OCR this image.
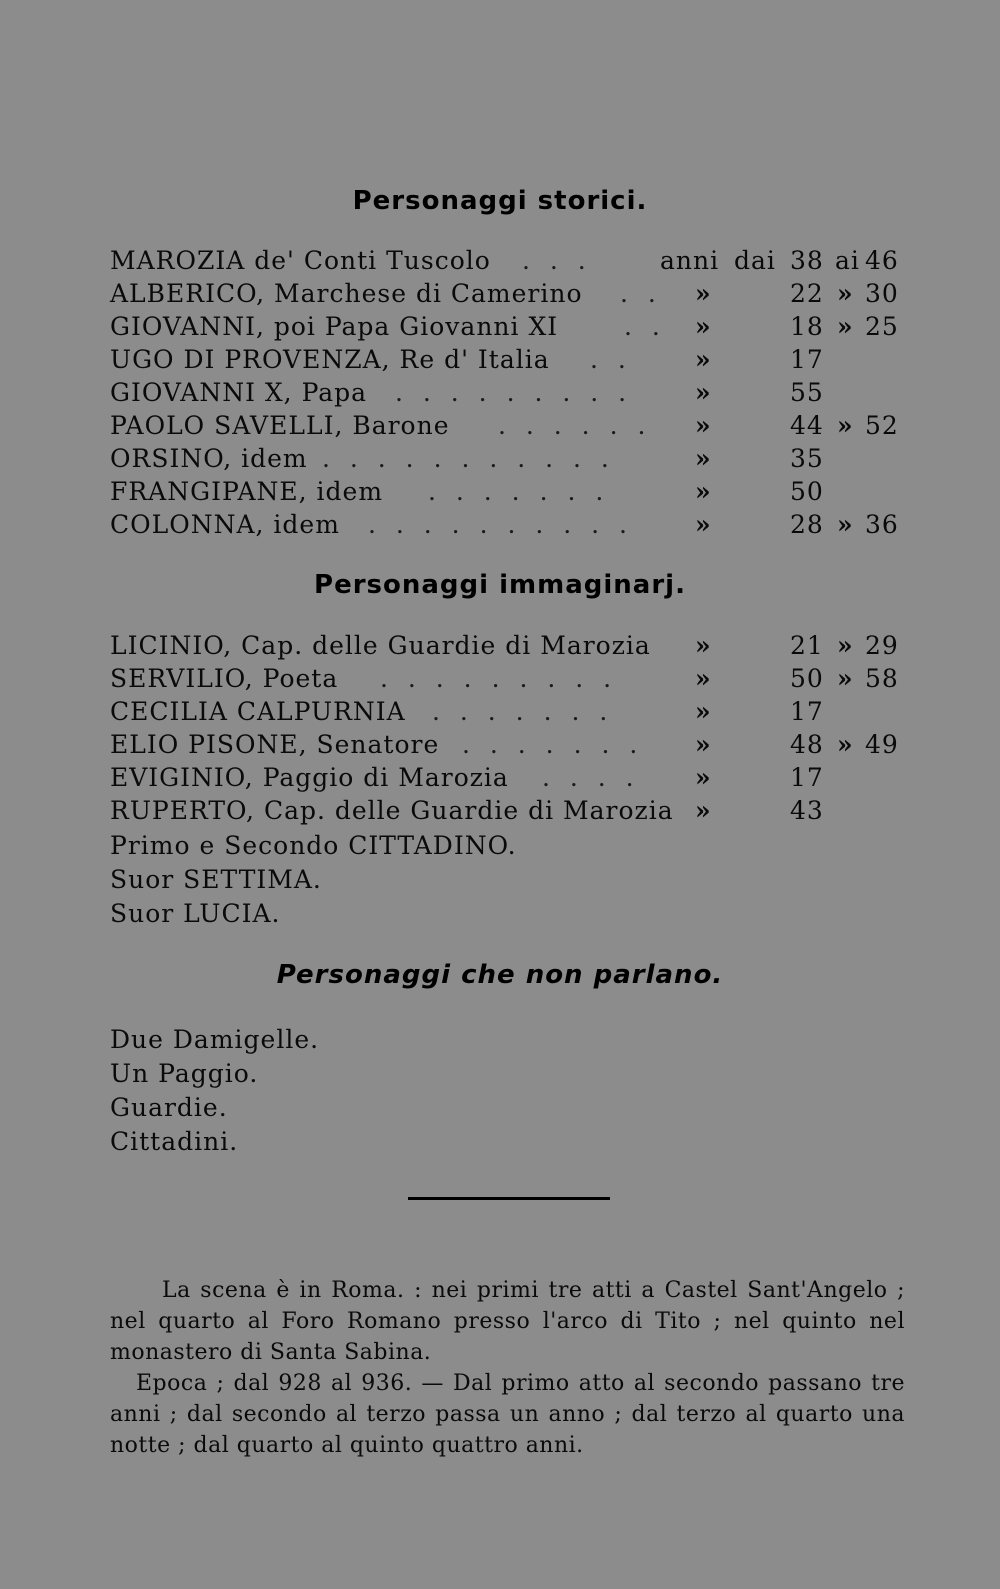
Personaggi storici.
MAROZIA de' Conti Tuscolo . . .	anni dai 38 ai 46
ALBERICO, Marchese di Camerino . . »	22 » 30
GIOVANNI, poi Papa Giovanni XI	. . »	18 » 25
UGO DI PROVENZA, Re d' Italia . .	»	17
GIOVANNI X, Papa . . . . . . . . .	»	55
PAOLO SAVELLI, Barone . . . . . . »	44 » 52
ORSINO, idem . . . . . . . . . . .	»	35
FRANGIPANE, idem . . . . . . .	»	50
COLONNA, idem . . . . . . . . . . »	28 » 36
Personaggi immaginarj.
LICINIO, Cap. delle Guardie di Marozia »	21 » 29
SERVILIO, Poeta . . . . . . . . .	»	50 » 58
CECILIA CALPURNIA . . . . . . .	»	17
ELIO PISONE, Senatore . . . . . . . »	48 » 49
EVIGINIO, Paggio di Marozia . . . . »	17
RUPERTO, Cap. delle Guardie di Marozia »	43
Primo e Secondo CITTADINO.
Suor SETTIMA.
Suor LUCIA.
Personaggi che non parlano.
Due Damigelle.
Un Paggio.
Guardie.
Cittadini.
La scena è in Roma. : nei primi tre atti a Castel Sant'Angelo ; nel quarto al Foro Romano presso l'arco di Tito ; nel quinto nel monastero di Santa Sabina.
Epoca ; dal 928 al 936. — Dal primo atto al secondo passano tre anni ; dal secondo al terzo passa un anno ; dal terzo al quarto una notte ; dal quarto al quinto quattro anni.
